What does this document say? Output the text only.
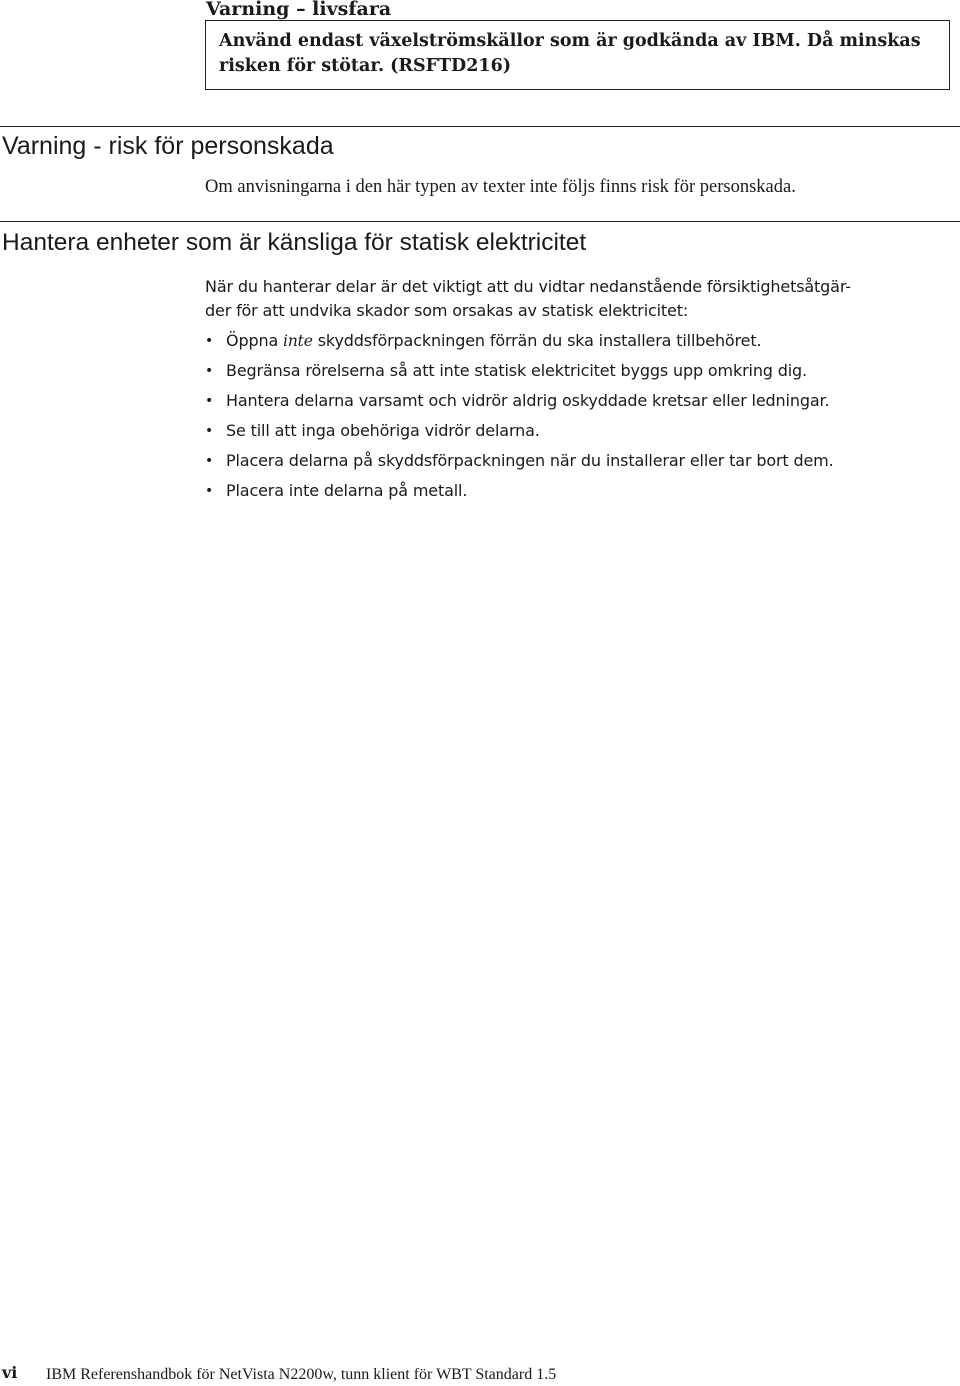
Varning – livsfara
Använd endast växelströmskällor som är godkända av IBM. Då minskas
risken för stötar. (RSFTD216)
Varning - risk för personskada
Om anvisningarna i den här typen av texter inte följs finns risk för personskada.
Hantera enheter som är känsliga för statisk elektricitet
När du hanterar delar är det viktigt att du vidtar nedanstående försiktighetsåtgär-
der för att undvika skador som orsakas av statisk elektricitet:
• Öppna inte skyddsförpackningen förrän du ska installera tillbehöret.
• Begränsa rörelserna så att inte statisk elektricitet byggs upp omkring dig.
• Hantera delarna varsamt och vidrör aldrig oskyddade kretsar eller ledningar.
• Se till att inga obehöriga vidrör delarna.
• Placera delarna på skyddsförpackningen när du installerar eller tar bort dem.
• Placera inte delarna på metall.
vi IBM Referenshandbok för NetVista N2200w, tunn klient för WBT Standard 1.5
